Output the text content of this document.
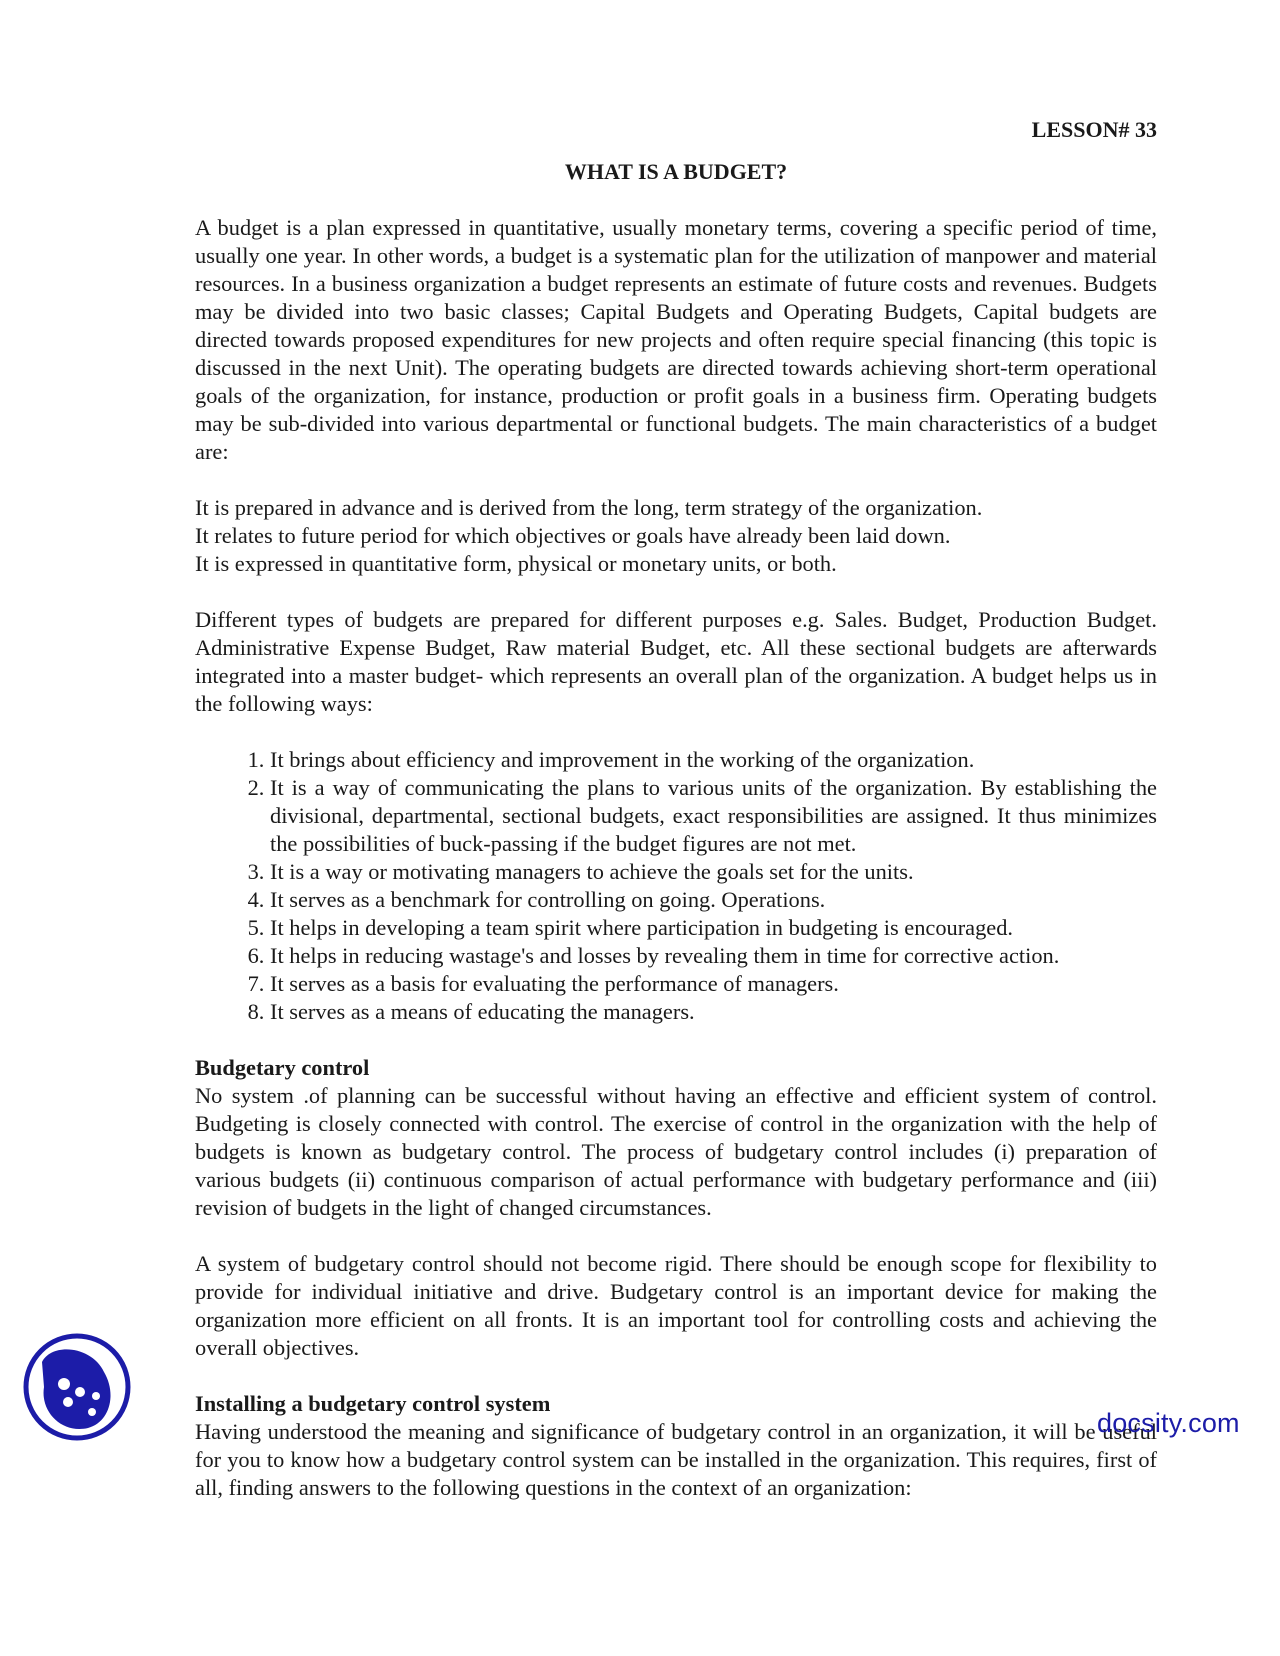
LESSON# 33
WHAT IS A BUDGET?

A budget is a plan expressed in quantitative, usually monetary terms, covering a specific period of time, usually one year. In other words, a budget is a systematic plan for the utilization of manpower and material resources. In a business organization a budget represents an estimate of future costs and revenues. Budgets may be divided into two basic classes; Capital Budgets and Operating Budgets, Capital budgets are directed towards proposed expenditures for new projects and often require special financing (this topic is discussed in the next Unit). The operating budgets are directed towards achieving short-term operational goals of the organization, for instance, production or profit goals in a business firm. Operating budgets may be sub-divided into various departmental or functional budgets. The main characteristics of a budget are:

It is prepared in advance and is derived from the long, term strategy of the organization.

It relates to future period for which objectives or goals have already been laid down.

It is expressed in quantitative form, physical or monetary units, or both.

Different types of budgets are prepared for different purposes e.g. Sales. Budget, Production Budget. Administrative Expense Budget, Raw material Budget, etc. All these sectional budgets are afterwards integrated into a master budget- which represents an overall plan of the organization. A budget helps us in the following ways:

1. It brings about efficiency and improvement in the working of the organization.
2. It is a way of communicating the plans to various units of the organization. By establishing the divisional, departmental, sectional budgets, exact responsibilities are assigned. It thus minimizes the possibilities of buck-passing if the budget figures are not met.
3. It is a way or motivating managers to achieve the goals set for the units.
4. It serves as a benchmark for controlling on going. Operations.
5. It helps in developing a team spirit where participation in budgeting is encouraged.
6. It helps in reducing wastage's and losses by revealing them in time for corrective action.
7. It serves as a basis for evaluating the performance of managers.
8. It serves as a means of educating the managers.
Budgetary control

No system .of planning can be successful without having an effective and efficient system of control. Budgeting is closely connected with control. The exercise of control in the organization with the help of budgets is known as budgetary control. The process of budgetary control includes (i) preparation of various budgets (ii) continuous comparison of actual performance with budgetary performance and (iii) revision of budgets in the light of changed circumstances.

A system of budgetary control should not become rigid. There should be enough scope for flexibility to provide for individual initiative and drive. Budgetary control is an important device for making the organization more efficient on all fronts. It is an important tool for controlling costs and achieving the overall objectives.

Installing a budgetary control system

Having understood the meaning and significance of budgetary control in an organization, it will be useful for you to know how a budgetary control system can be installed in the organization. This requires, first of all, finding answers to the following questions in the context of an organization:

docsity.com
